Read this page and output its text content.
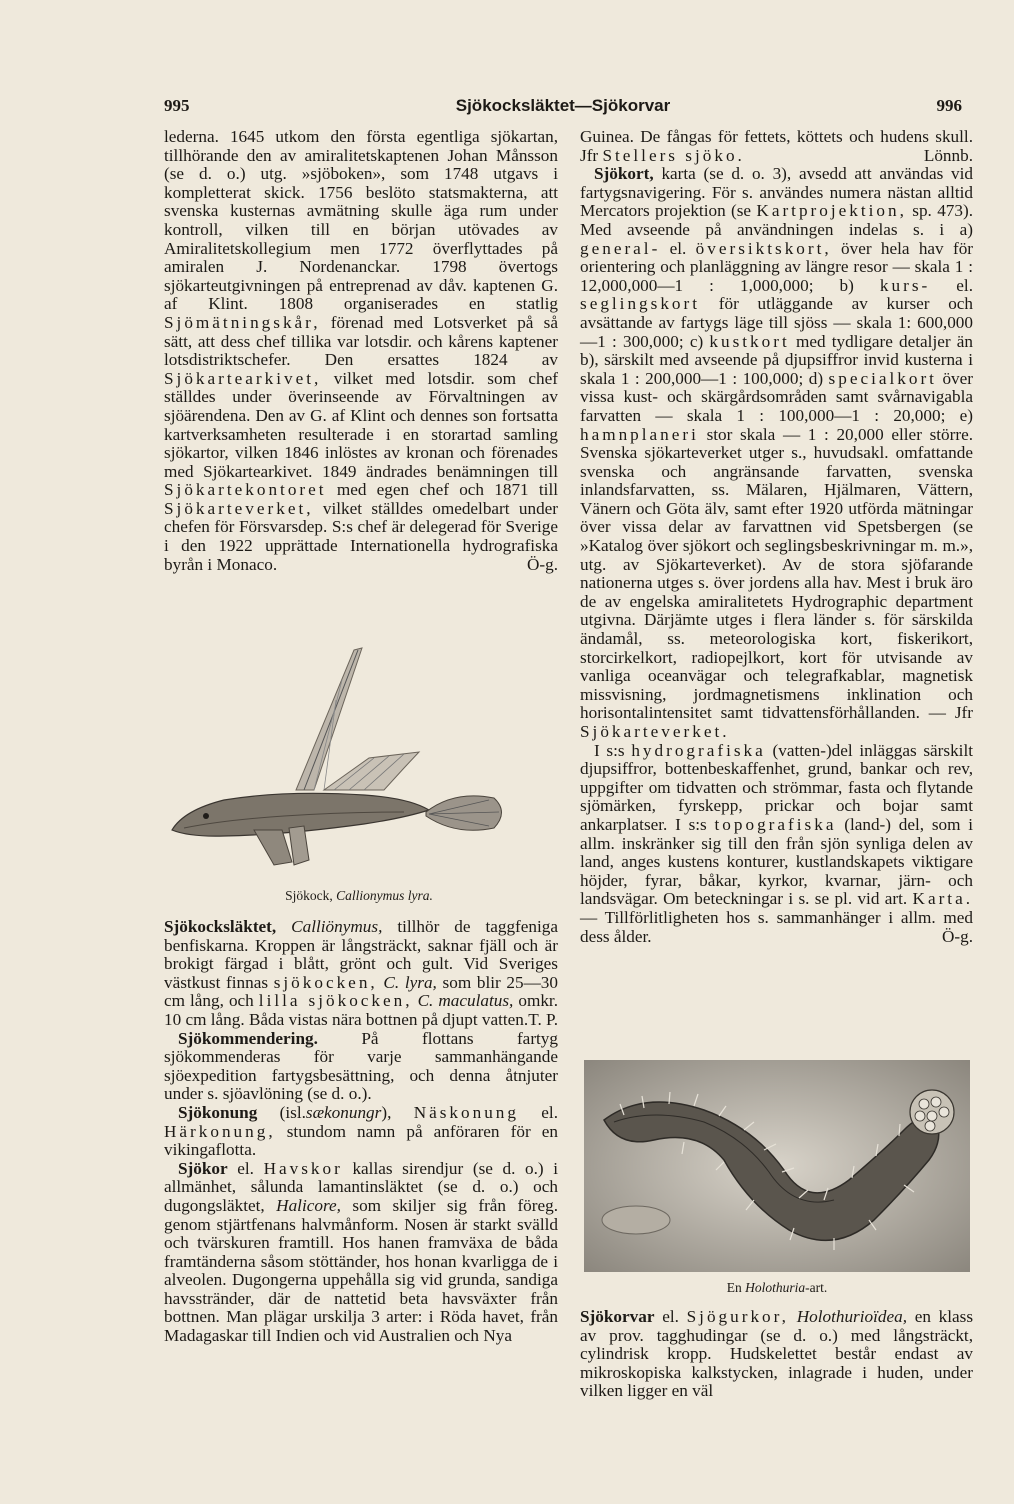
995	Sjökocksläktet—Sjökorvar	996

lederna. 1645 utkom den första egentliga sjökartan, tillhörande den av amiralitetskaptenen Johan Månsson (se d. o.) utg. »sjöboken», som 1748 utgavs i kompletterat skick. 1756 beslöto statsmakterna, att svenska kusternas avmätning skulle äga rum under kontroll, vilken till en början utövades av Amiralitetskollegium men 1772 överflyttades på amiralen J. Nordenanckar. 1798 övertogs sjökarteutgivningen på entreprenad av dåv. kaptenen G. af Klint. 1808 organiserades en statlig Sjömätningskår, förenad med Lotsverket på så sätt, att dess chef tillika var lotsdir. och kårens kaptener lotsdistriktschefer. Den ersattes 1824 av Sjökartearkivet, vilket med lotsdir. som chef ställdes under överinseende av Förvaltningen av sjöärendena. Den av G. af Klint och dennes son fortsatta kartverksamheten resulterade i en storartad samling sjökartor, vilken 1846 inlöstes av kronan och förenades med Sjökartearkivet. 1849 ändrades benämningen till Sjökartekontoret med egen chef och 1871 till Sjökarteverket, vilket ställdes omedelbart under chefen för Försvarsdep. S:s chef är delegerad för Sverige i den 1922 upprättade Internationella hydrografiska byrån i Monaco.	Ö-g.

Sjökock, Callionymus lyra.

Sjökocksläktet, Calliönymus, tillhör de taggfeniga benfiskarna. Kroppen är långsträckt, saknar fjäll och är brokigt färgad i blått, grönt och gult. Vid Sveriges västkust finnas sjökocken, C. lyra, som blir 25—30 cm lång, och lilla sjökocken, C. maculatus, omkr. 10 cm lång. Båda vistas nära bottnen på djupt vatten. T. P.

Sjökommendering.	På flottans fartyg sjökommenderas för varje sammanhängande sjöexpedition fartygsbesättning, och denna åtnjuter under s. sjöavlöning (se d. o.).

Sjökonung (isl.sækonungr), Näskonung el. Härkonung, stundom namn på anföraren för en vikingaflotta.

Sjökor el. Havskor kallas sirendjur (se d. o.) i allmänhet, sålunda lamantinsläktet (se d. o.) och dugongsläktet, Halicore, som skiljer sig från föreg. genom stjärtfenans halvmånform. Nosen är starkt svälld och tvärskuren framtill. Hos hanen framväxa de båda framtänderna såsom stöttänder, hos honan kvarligga de i alveolen. Dugongerna uppehålla sig vid grunda, sandiga havsstränder, där de nattetid beta havsväxter från bottnen. Man plägar urskilja 3 arter: i Röda havet, från Madagaskar till Indien och vid Australien och Nya

Guinea. De fångas för fettets, köttets och hudens skull. Jfr Stellers sjökо.	Lönnb.

Sjökort, karta (se d. o. 3), avsedd att användas vid fartygsnavigering. För s. användes numera nästan alltid Mercators projektion (se Kartprojektion, sp. 473). Med avseende på användningen indelas s. i a) general- el. översiktskort, över hela hav för orientering och planläggning av längre resor — skala 1 : 12,000,000—1 : 1,000,000; b) kurs- el. seglingskort för utläggande av kurser och avsättande av fartygs läge till sjöss — skala 1: 600,000—1 : 300,000; c) kustkort med tydligare detaljer än b), särskilt med avseende på djupsiffror invid kusterna i skala 1 : 200,000—1 : 100,000; d) specialkort över vissa kust- och skärgårdsområden samt svårnavigabla farvatten — skala 1 : 100,000—1 : 20,000; e) hamnplaneri stor skala — 1 : 20,000 eller större. Svenska sjökarteverket utger s., huvudsakl. omfattande svenska och angränsande farvatten, svenska inlandsfarvatten, ss. Mälaren, Hjälmaren, Vättern, Vänern och Göta älv, samt efter 1920 utförda mätningar över vissa delar av farvattnen vid Spetsbergen (se »Katalog över sjökort och seglingsbeskrivningar m. m.», utg. av Sjökarteverket). Av de stora sjöfarande nationerna utges s. över jordens alla hav. Mest i bruk äro de av engelska amiralitetets Hydrographic department utgivna. Därjämte utges i flera länder s. för särskilda ändamål, ss. meteorologiska kort, fiskerikort, storcirkelkort, radiopejlkort, kort för utvisande av vanliga oceanvägar och telegrafkablar, magnetisk missvisning, jordmagnetismens inklination och horisontalintensitet samt tidvattensförhållanden. — Jfr Sjökarteverket.

I s:s hydrografiska (vatten-)del inläggas särskilt djupsiffror, bottenbeskaffenhet, grund, bankar och rev, uppgifter om tidvatten och strömmar, fasta och flytande sjömärken, fyrskepp, prickar och bojar samt ankarplatser. I s:s topografiska (land-) del, som i allm. inskränker sig till den från sjön synliga delen av land, anges kustens konturer, kustlandskapets viktigare höjder, fyrar, båkar, kyrkor, kvarnar, järn- och landsvägar. Om beteckningar i s. se pl. vid art. Karta. — Tillförlitligheten hos s. sammanhänger i allm. med dess ålder.	Ö-g.

En Holothuria-art.

Sjökorvar el. Sjögurkor, Holothurioïdea, en klass av prov. tagghudingar (se d. o.) med långsträckt, cylindrisk kropp. Hudskelettet består endast av mikroskopiska kalkstycken, inlagrade i huden, under vilken ligger en väl
